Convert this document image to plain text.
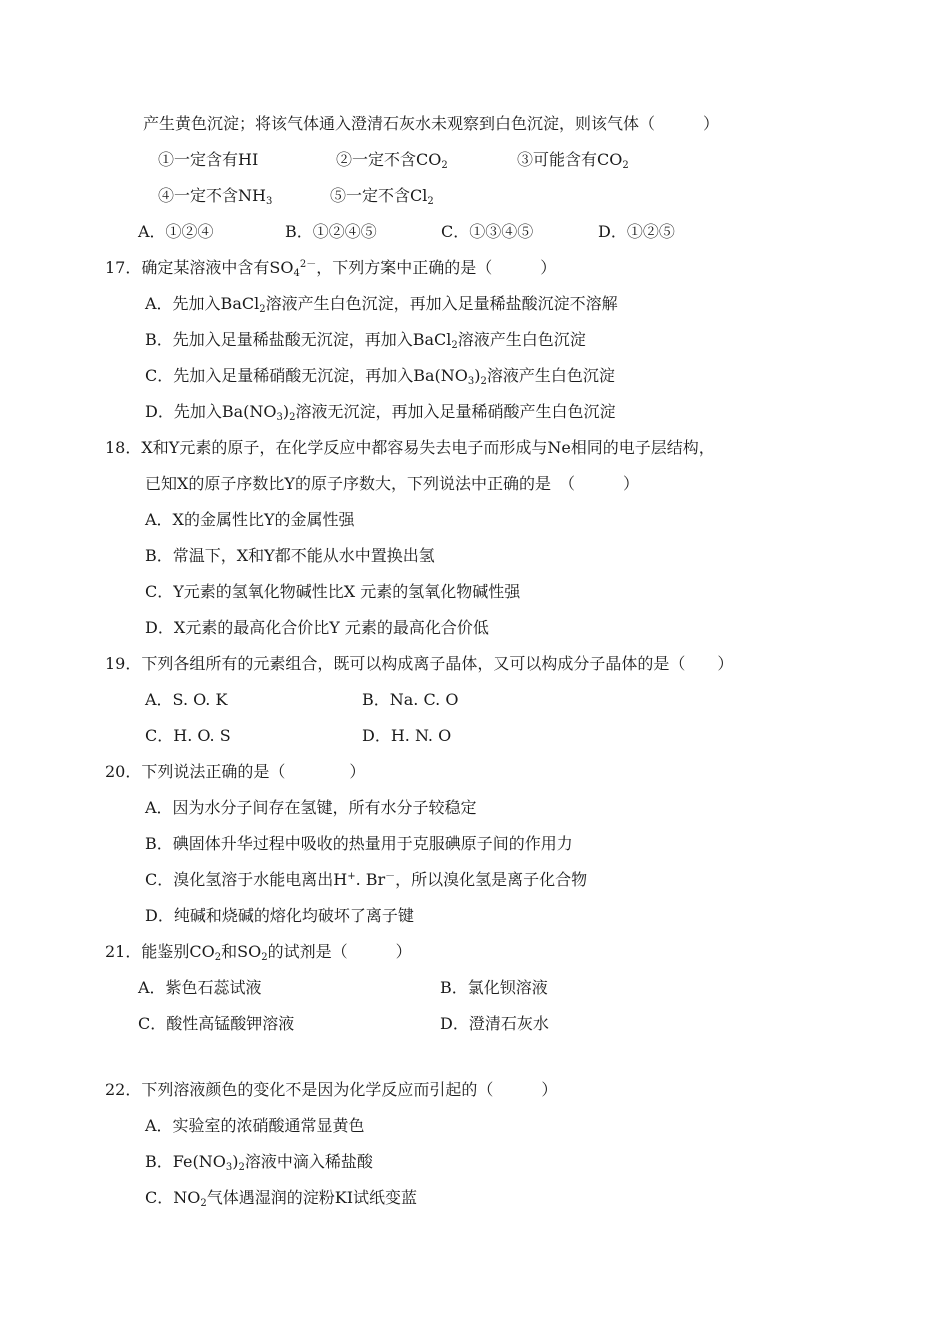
产生黄色沉淀；将该气体通入澄清石灰水未观察到白色沉淀，则该气体（　　　）
①一定含有HI	②一定不含$CO_2$	③可能含有$CO_2$
④一定不含$NH_3$	⑤一定不含$Cl_2$
A．①②④	B．①②④⑤	C．①③④⑤	D．①②⑤
17．确定某溶液中含有$SO_4^{2-}$，下列方案中正确的是（　　　）
A．先加入BaCl$_2$溶液产生白色沉淀，再加入足量稀盐酸沉淀不溶解
B．先加入足量稀盐酸无沉淀，再加入BaCl$_2$溶液产生白色沉淀
C．先加入足量稀硝酸无沉淀，再加入$Ba(NO_3)_2$溶液产生白色沉淀
D．先加入$Ba(NO_3)_2$溶液无沉淀，再加入足量稀硝酸产生白色沉淀
18．X和Y元素的原子，在化学反应中都容易失去电子而形成与Ne相同的电子层结构，
已知X的原子序数比Y的原子序数大，下列说法中正确的是　（　　　）
A．X的金属性比Y的金属性强
B．常温下，X和Y都不能从水中置换出氢
C．Y元素的氢氧化物碱性比X 元素的氢氧化物碱性强
D．X元素的最高化合价比Y 元素的最高化合价低
19．下列各组所有的元素组合，既可以构成离子晶体，又可以构成分子晶体的是（　　）
A．S. O. K	B．Na. C. O
C．H. O. S	D．H. N. O
20．下列说法正确的是（　　　　）
A．因为水分子间存在氢键，所有水分子较稳定
B．碘固体升华过程中吸收的热量用于克服碘原子间的作用力
C．溴化氢溶于水能电离出H+. Br－，所以溴化氢是离子化合物
D．纯碱和烧碱的熔化均破坏了离子键
21．能鉴别$CO_2$和$SO_2$的试剂是（　　　）
A．紫色石蕊试液	B．氯化钡溶液
C．酸性高锰酸钾溶液	D．澄清石灰水
22．下列溶液颜色的变化不是因为化学反应而引起的（　　　）
A．实验室的浓硝酸通常显黄色
B．$Fe(NO_3)_2$溶液中滴入稀盐酸
C．$NO_2$气体遇湿润的淀粉KI试纸变蓝
